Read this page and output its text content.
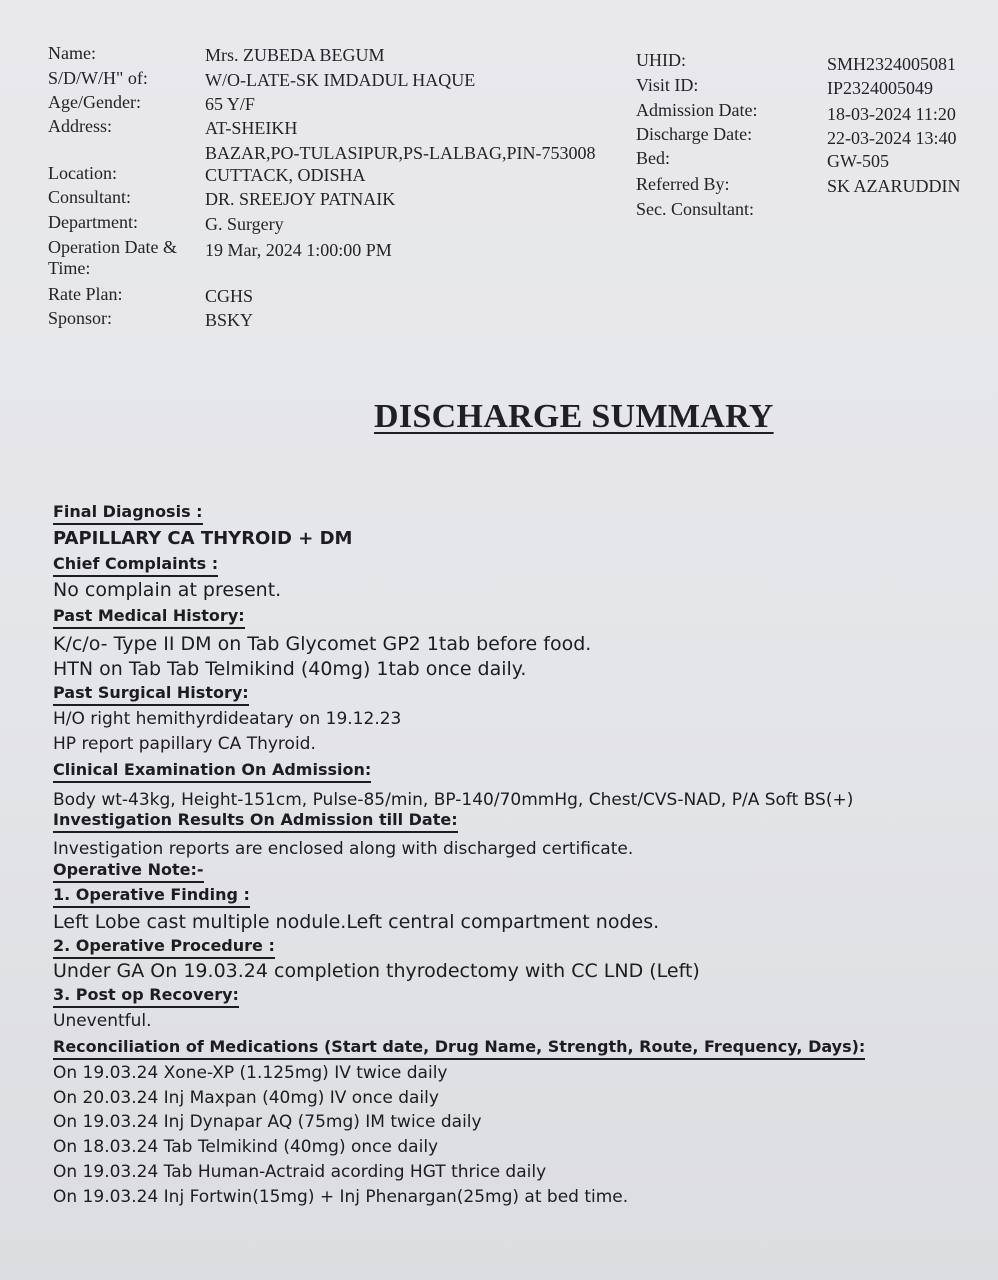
Name:	Mrs. ZUBEDA BEGUM
S/D/W/H" of:	W/O-LATE-SK IMDADUL HAQUE
Age/Gender:	65 Y/F
Address:	AT-SHEIKH
BAZAR,PO-TULASIPUR,PS-LALBAG,PIN-753008
Location:	CUTTACK, ODISHA
Consultant:	DR. SREEJOY PATNAIK
Department:	G. Surgery
Operation Date &
Time:
19 Mar, 2024 1:00:00 PM
Rate Plan:	CGHS
Sponsor:	BSKY
UHID:	SMH2324005081
Visit ID:	IP2324005049
Admission Date:	18-03-2024 11:20
Discharge Date:	22-03-2024 13:40
Bed:	GW-505
Referred By:	SK AZARUDDIN
Sec. Consultant:
DISCHARGE SUMMARY
Final Diagnosis :
PAPILLARY CA THYROID + DM
Chief Complaints :
No complain at present.
Past Medical History:
K/c/o- Type II DM on Tab Glycomet GP2 1tab before food.
HTN on Tab Tab Telmikind (40mg) 1tab once daily.
Past Surgical History:
H/O right hemithyrdideatary on 19.12.23
HP report papillary CA Thyroid.
Clinical Examination On Admission:
Body wt-43kg, Height-151cm, Pulse-85/min, BP-140/70mmHg, Chest/CVS-NAD, P/A Soft BS(+)
Investigation Results On Admission till Date:
Investigation reports are enclosed along with discharged certificate.
Operative Note:-
1. Operative Finding :
Left Lobe cast multiple nodule.Left central compartment nodes.
2. Operative Procedure :
Under GA On 19.03.24 completion thyrodectomy with CC LND (Left)
3. Post op Recovery:
Uneventful.
Reconciliation of Medications (Start date, Drug Name, Strength, Route, Frequency, Days):
On 19.03.24 Xone-XP (1.125mg) IV twice daily
On 20.03.24 Inj Maxpan (40mg) IV once daily
On 19.03.24 Inj Dynapar AQ (75mg) IM twice daily
On 18.03.24 Tab Telmikind (40mg) once daily
On 19.03.24 Tab Human-Actraid acording HGT thrice daily
On 19.03.24 Inj Fortwin(15mg) + Inj Phenargan(25mg) at bed time.
